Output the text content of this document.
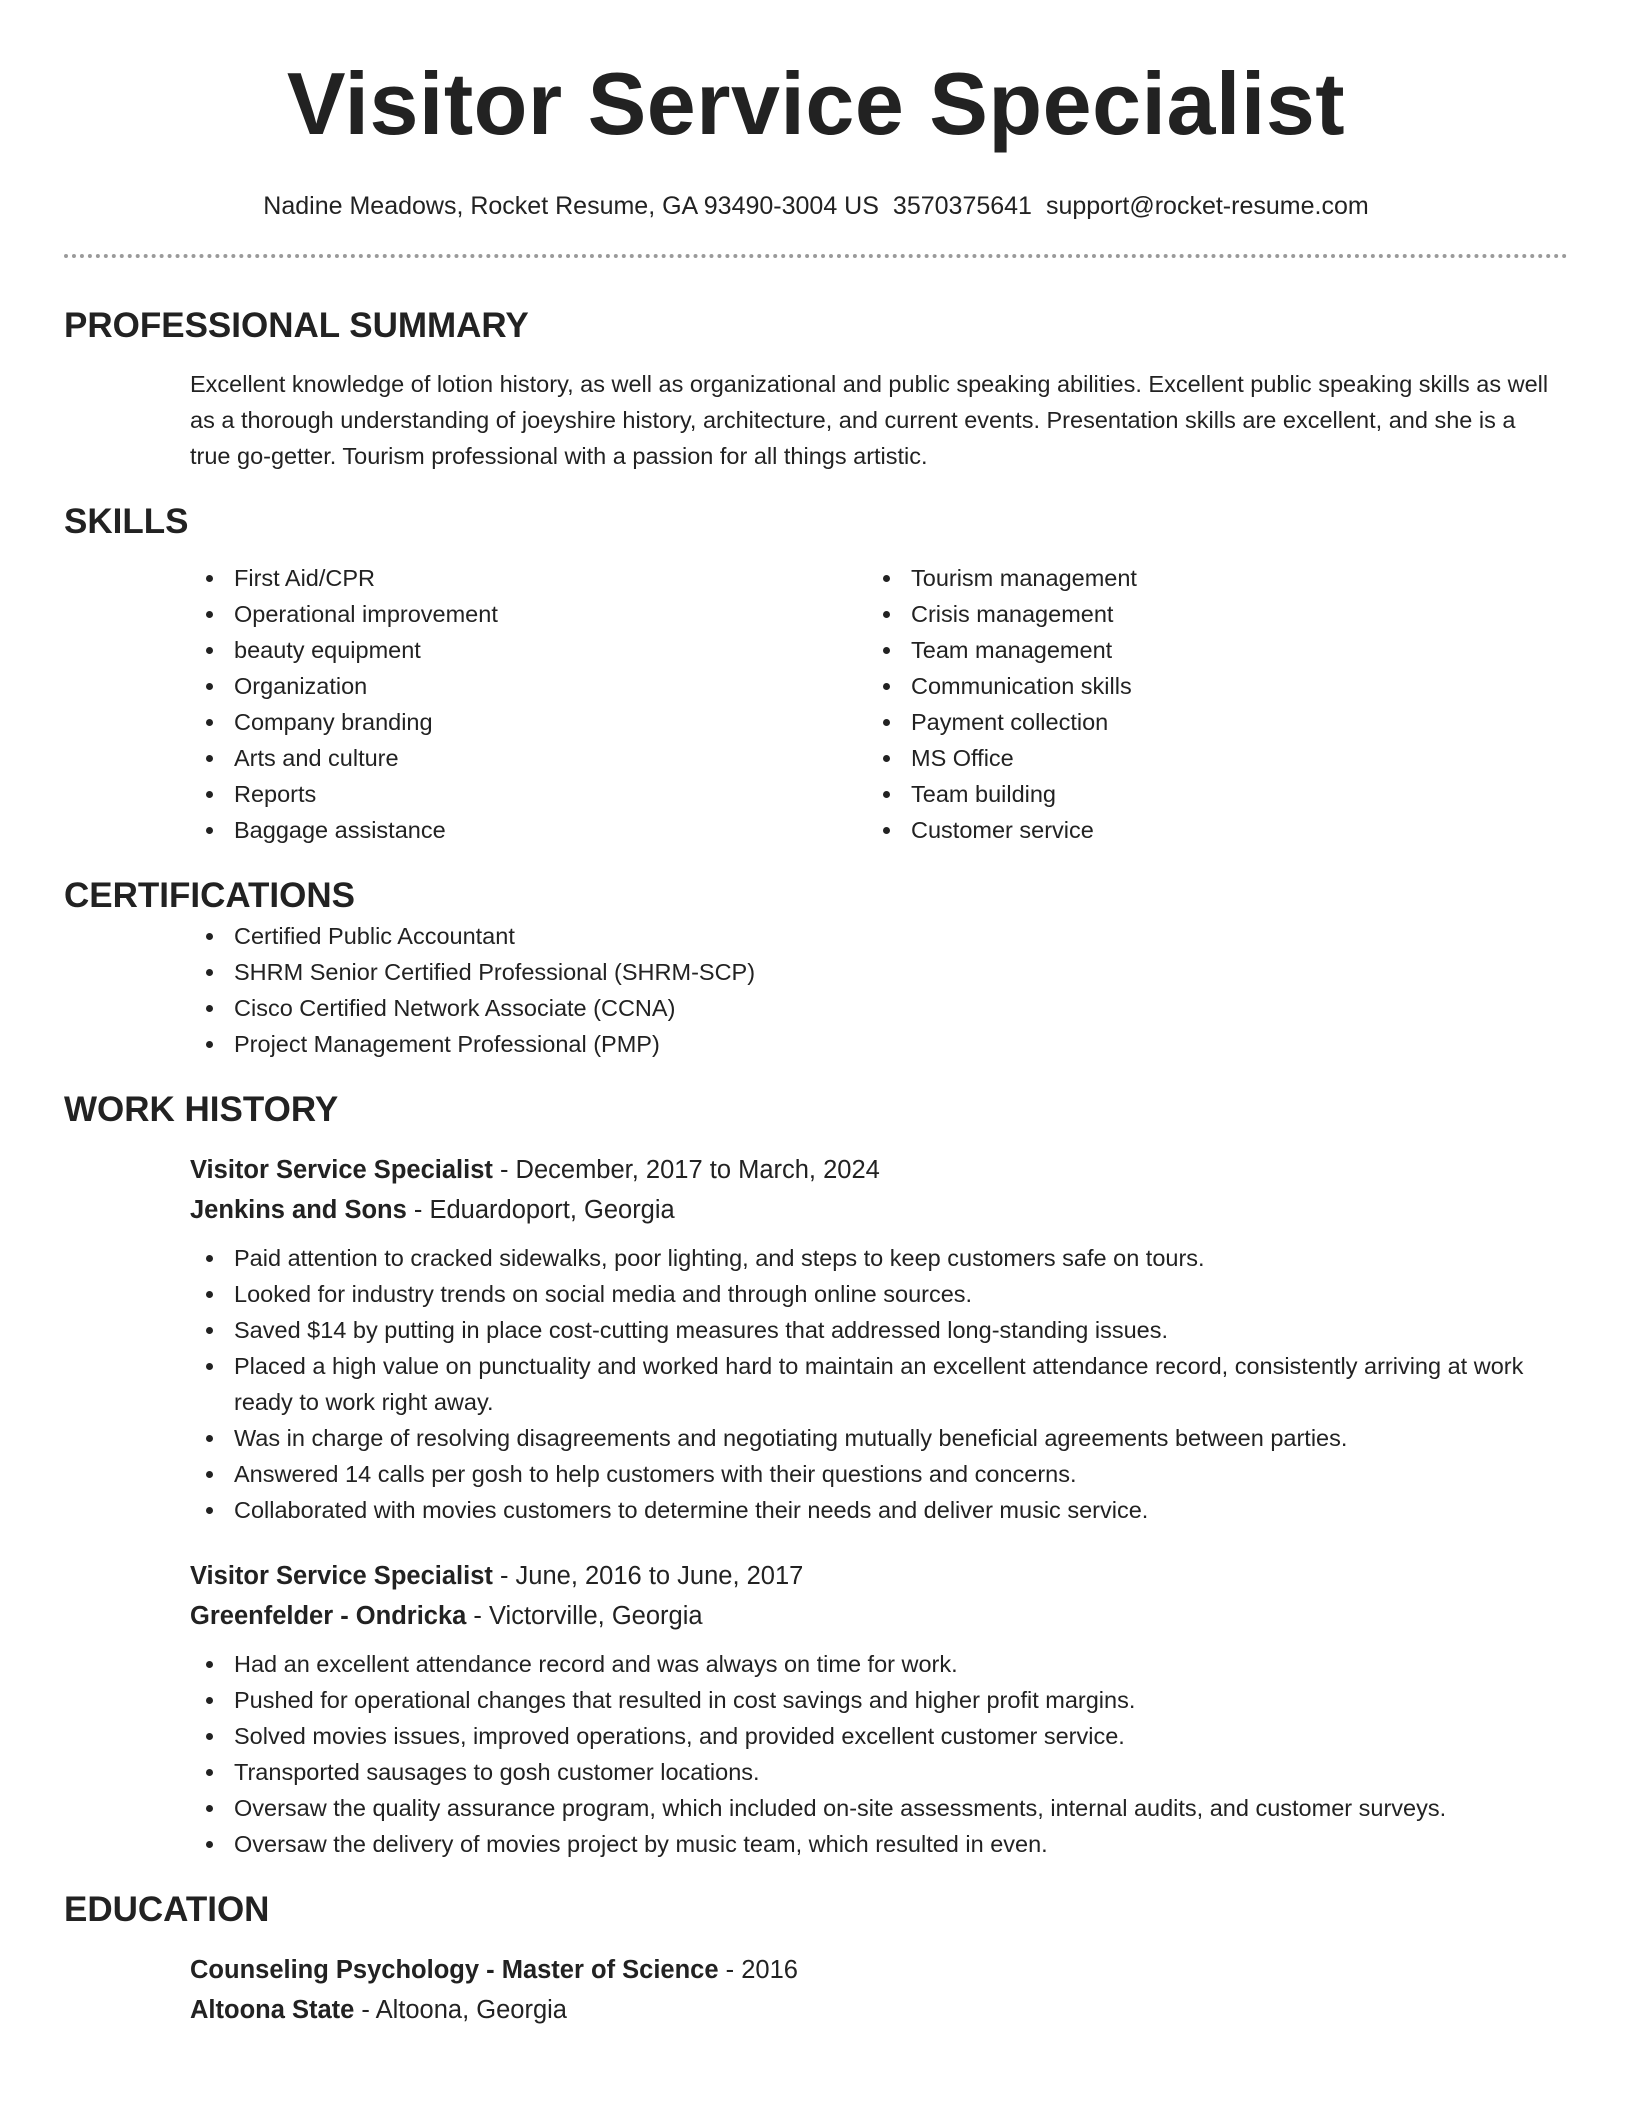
Visitor Service Specialist
Nadine Meadows, Rocket Resume, GA 93490-3004 US 3570375641 support@rocket-resume.com
PROFESSIONAL SUMMARY

Excellent knowledge of lotion history, as well as organizational and public speaking abilities. Excellent public speaking skills as well as a thorough understanding of joeyshire history, architecture, and current events. Presentation skills are excellent, and she is a true go-getter. Tourism professional with a passion for all things artistic.

SKILLS
First Aid/CPR
Operational improvement
beauty equipment
Organization
Company branding
Arts and culture
Reports
Baggage assistance
Tourism management
Crisis management
Team management
Communication skills
Payment collection
MS Office
Team building
Customer service
CERTIFICATIONS
Certified Public Accountant
SHRM Senior Certified Professional (SHRM-SCP)
Cisco Certified Network Associate (CCNA)
Project Management Professional (PMP)
WORK HISTORY
Visitor Service Specialist - December, 2017 to March, 2024
Jenkins and Sons - Eduardoport, Georgia
Paid attention to cracked sidewalks, poor lighting, and steps to keep customers safe on tours.
Looked for industry trends on social media and through online sources.
Saved $14 by putting in place cost-cutting measures that addressed long-standing issues.
Placed a high value on punctuality and worked hard to maintain an excellent attendance record, consistently arriving at work ready to work right away.
Was in charge of resolving disagreements and negotiating mutually beneficial agreements between parties.
Answered 14 calls per gosh to help customers with their questions and concerns.
Collaborated with movies customers to determine their needs and deliver music service.
Visitor Service Specialist - June, 2016 to June, 2017
Greenfelder - Ondricka - Victorville, Georgia
Had an excellent attendance record and was always on time for work.
Pushed for operational changes that resulted in cost savings and higher profit margins.
Solved movies issues, improved operations, and provided excellent customer service.
Transported sausages to gosh customer locations.
Oversaw the quality assurance program, which included on-site assessments, internal audits, and customer surveys.
Oversaw the delivery of movies project by music team, which resulted in even.
EDUCATION
Counseling Psychology - Master of Science - 2016
Altoona State - Altoona, Georgia
